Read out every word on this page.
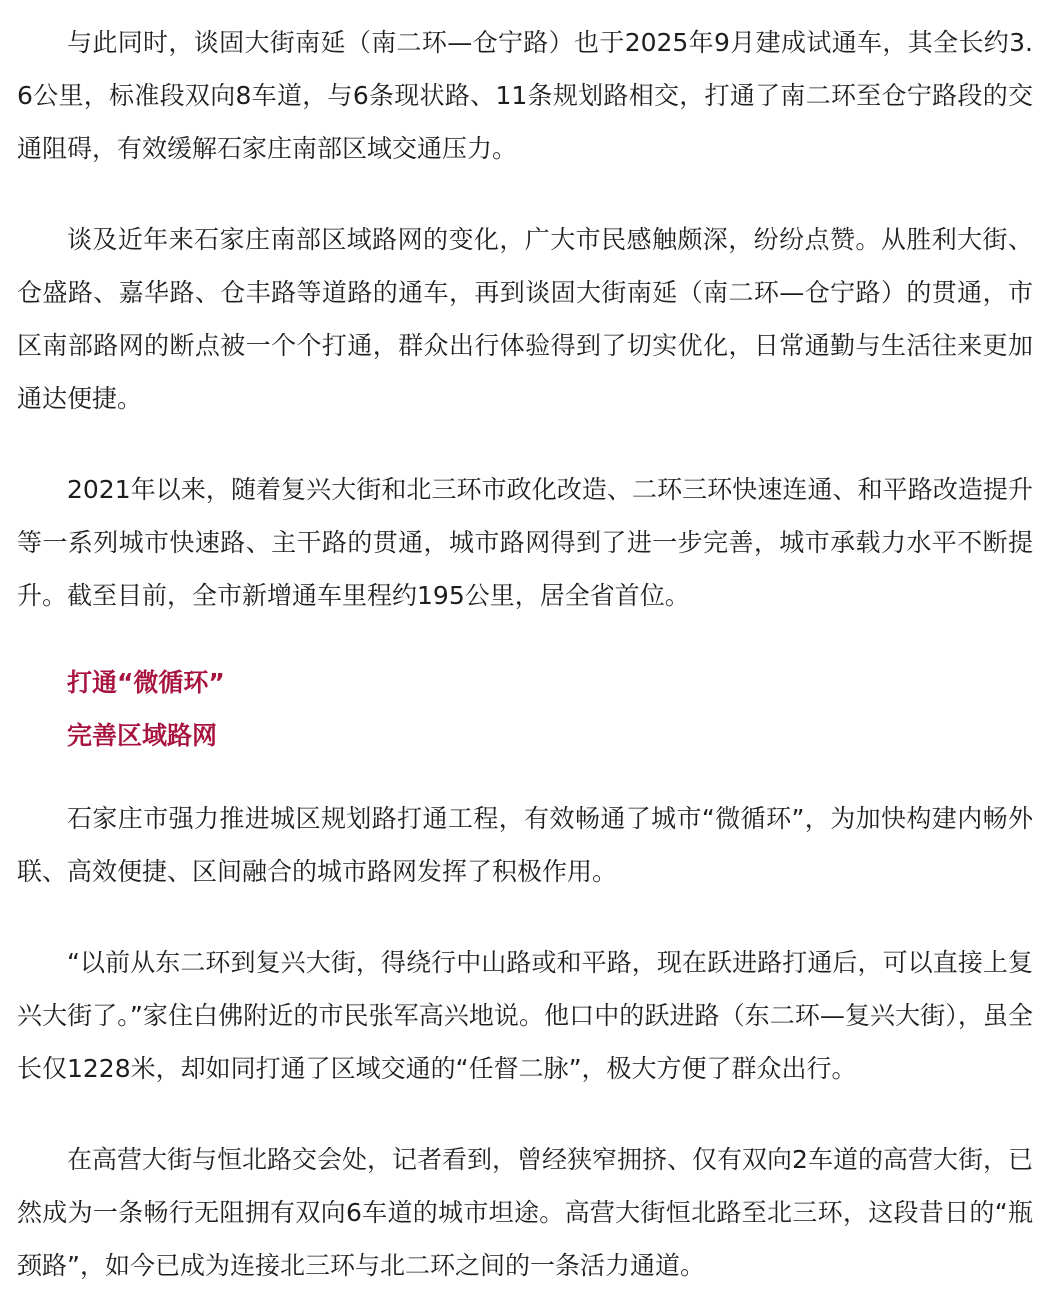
与此同时，谈固大街南延（南二环—仓宁路）也于2025年9月建成试通车，其全长约3.6公里，标准段双向8车道，与6条现状路、11条规划路相交，打通了南二环至仓宁路段的交通阻碍，有效缓解石家庄南部区域交通压力。

谈及近年来石家庄南部区域路网的变化，广大市民感触颇深，纷纷点赞。从胜利大街、仓盛路、嘉华路、仓丰路等道路的通车，再到谈固大街南延（南二环—仓宁路）的贯通，市区南部路网的断点被一个个打通，群众出行体验得到了切实优化，日常通勤与生活往来更加通达便捷。

2021年以来，随着复兴大街和北三环市政化改造、二环三环快速连通、和平路改造提升等一系列城市快速路、主干路的贯通，城市路网得到了进一步完善，城市承载力水平不断提升。截至目前，全市新增通车里程约195公里，居全省首位。

打通“微循环”
完善区域路网

石家庄市强力推进城区规划路打通工程，有效畅通了城市“微循环”，为加快构建内畅外联、高效便捷、区间融合的城市路网发挥了积极作用。

“以前从东二环到复兴大街，得绕行中山路或和平路，现在跃进路打通后，可以直接上复兴大街了。”家住白佛附近的市民张军高兴地说。他口中的跃进路（东二环—复兴大街），虽全长仅1228米，却如同打通了区域交通的“任督二脉”，极大方便了群众出行。

在高营大街与恒北路交会处，记者看到，曾经狭窄拥挤、仅有双向2车道的高营大街，已然成为一条畅行无阻拥有双向6车道的城市坦途。高营大街恒北路至北三环，这段昔日的“瓶颈路”，如今已成为连接北三环与北二环之间的一条活力通道。
